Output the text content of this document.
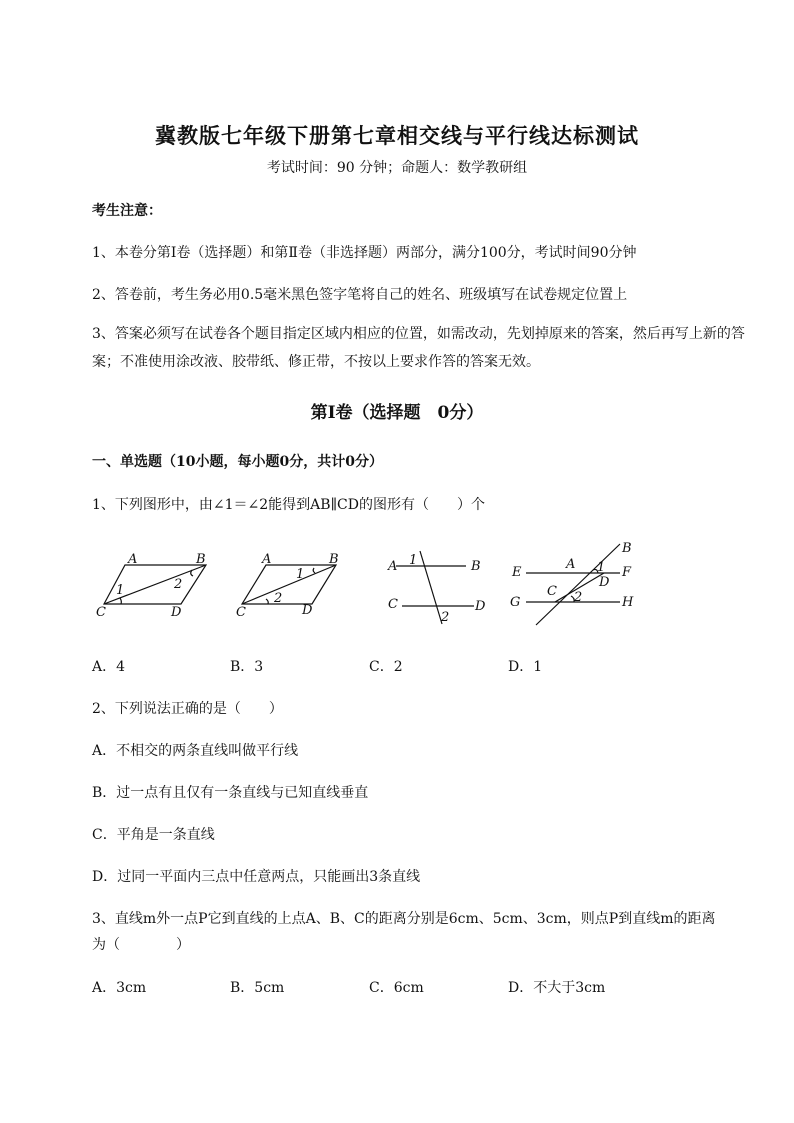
冀教版七年级下册第七章相交线与平行线达标测试
考试时间：90 分钟；命题人：数学教研组
考生注意：
1、本卷分第Ⅰ卷（选择题）和第Ⅱ卷（非选择题）两部分，满分100分，考试时间90分钟
2、答卷前，考生务必用0.5毫米黑色签字笔将自己的姓名、班级填写在试卷规定位置上
3、答案必须写在试卷各个题目指定区域内相应的位置，如需改动，先划掉原来的答案，然后再写上新的答案；不准使用涂改液、胶带纸、修正带，不按以上要求作答的答案无效。
第Ⅰ卷（选择题　0分）
一、单选题（10小题，每小题0分，共计0分）
1、下列图形中，由∠1＝∠2能得到AB∥CD的图形有（　　）个
A	B
C	D
1	2
A	B
C	D
1
2
A	B
C	D
1
2
B
A
E	F
D
C
G	H
1
2
A．4	B．3	C．2	D．1
2、下列说法正确的是（　　）
A．不相交的两条直线叫做平行线
B．过一点有且仅有一条直线与已知直线垂直
C．平角是一条直线
D．过同一平面内三点中任意两点，只能画出3条直线
3、直线m外一点P它到直线的上点A、B、C的距离分别是6cm、5cm、3cm，则点P到直线m的距离
为（　　　　）
A．3cm	B．5cm	C．6cm	D．不大于3cm
